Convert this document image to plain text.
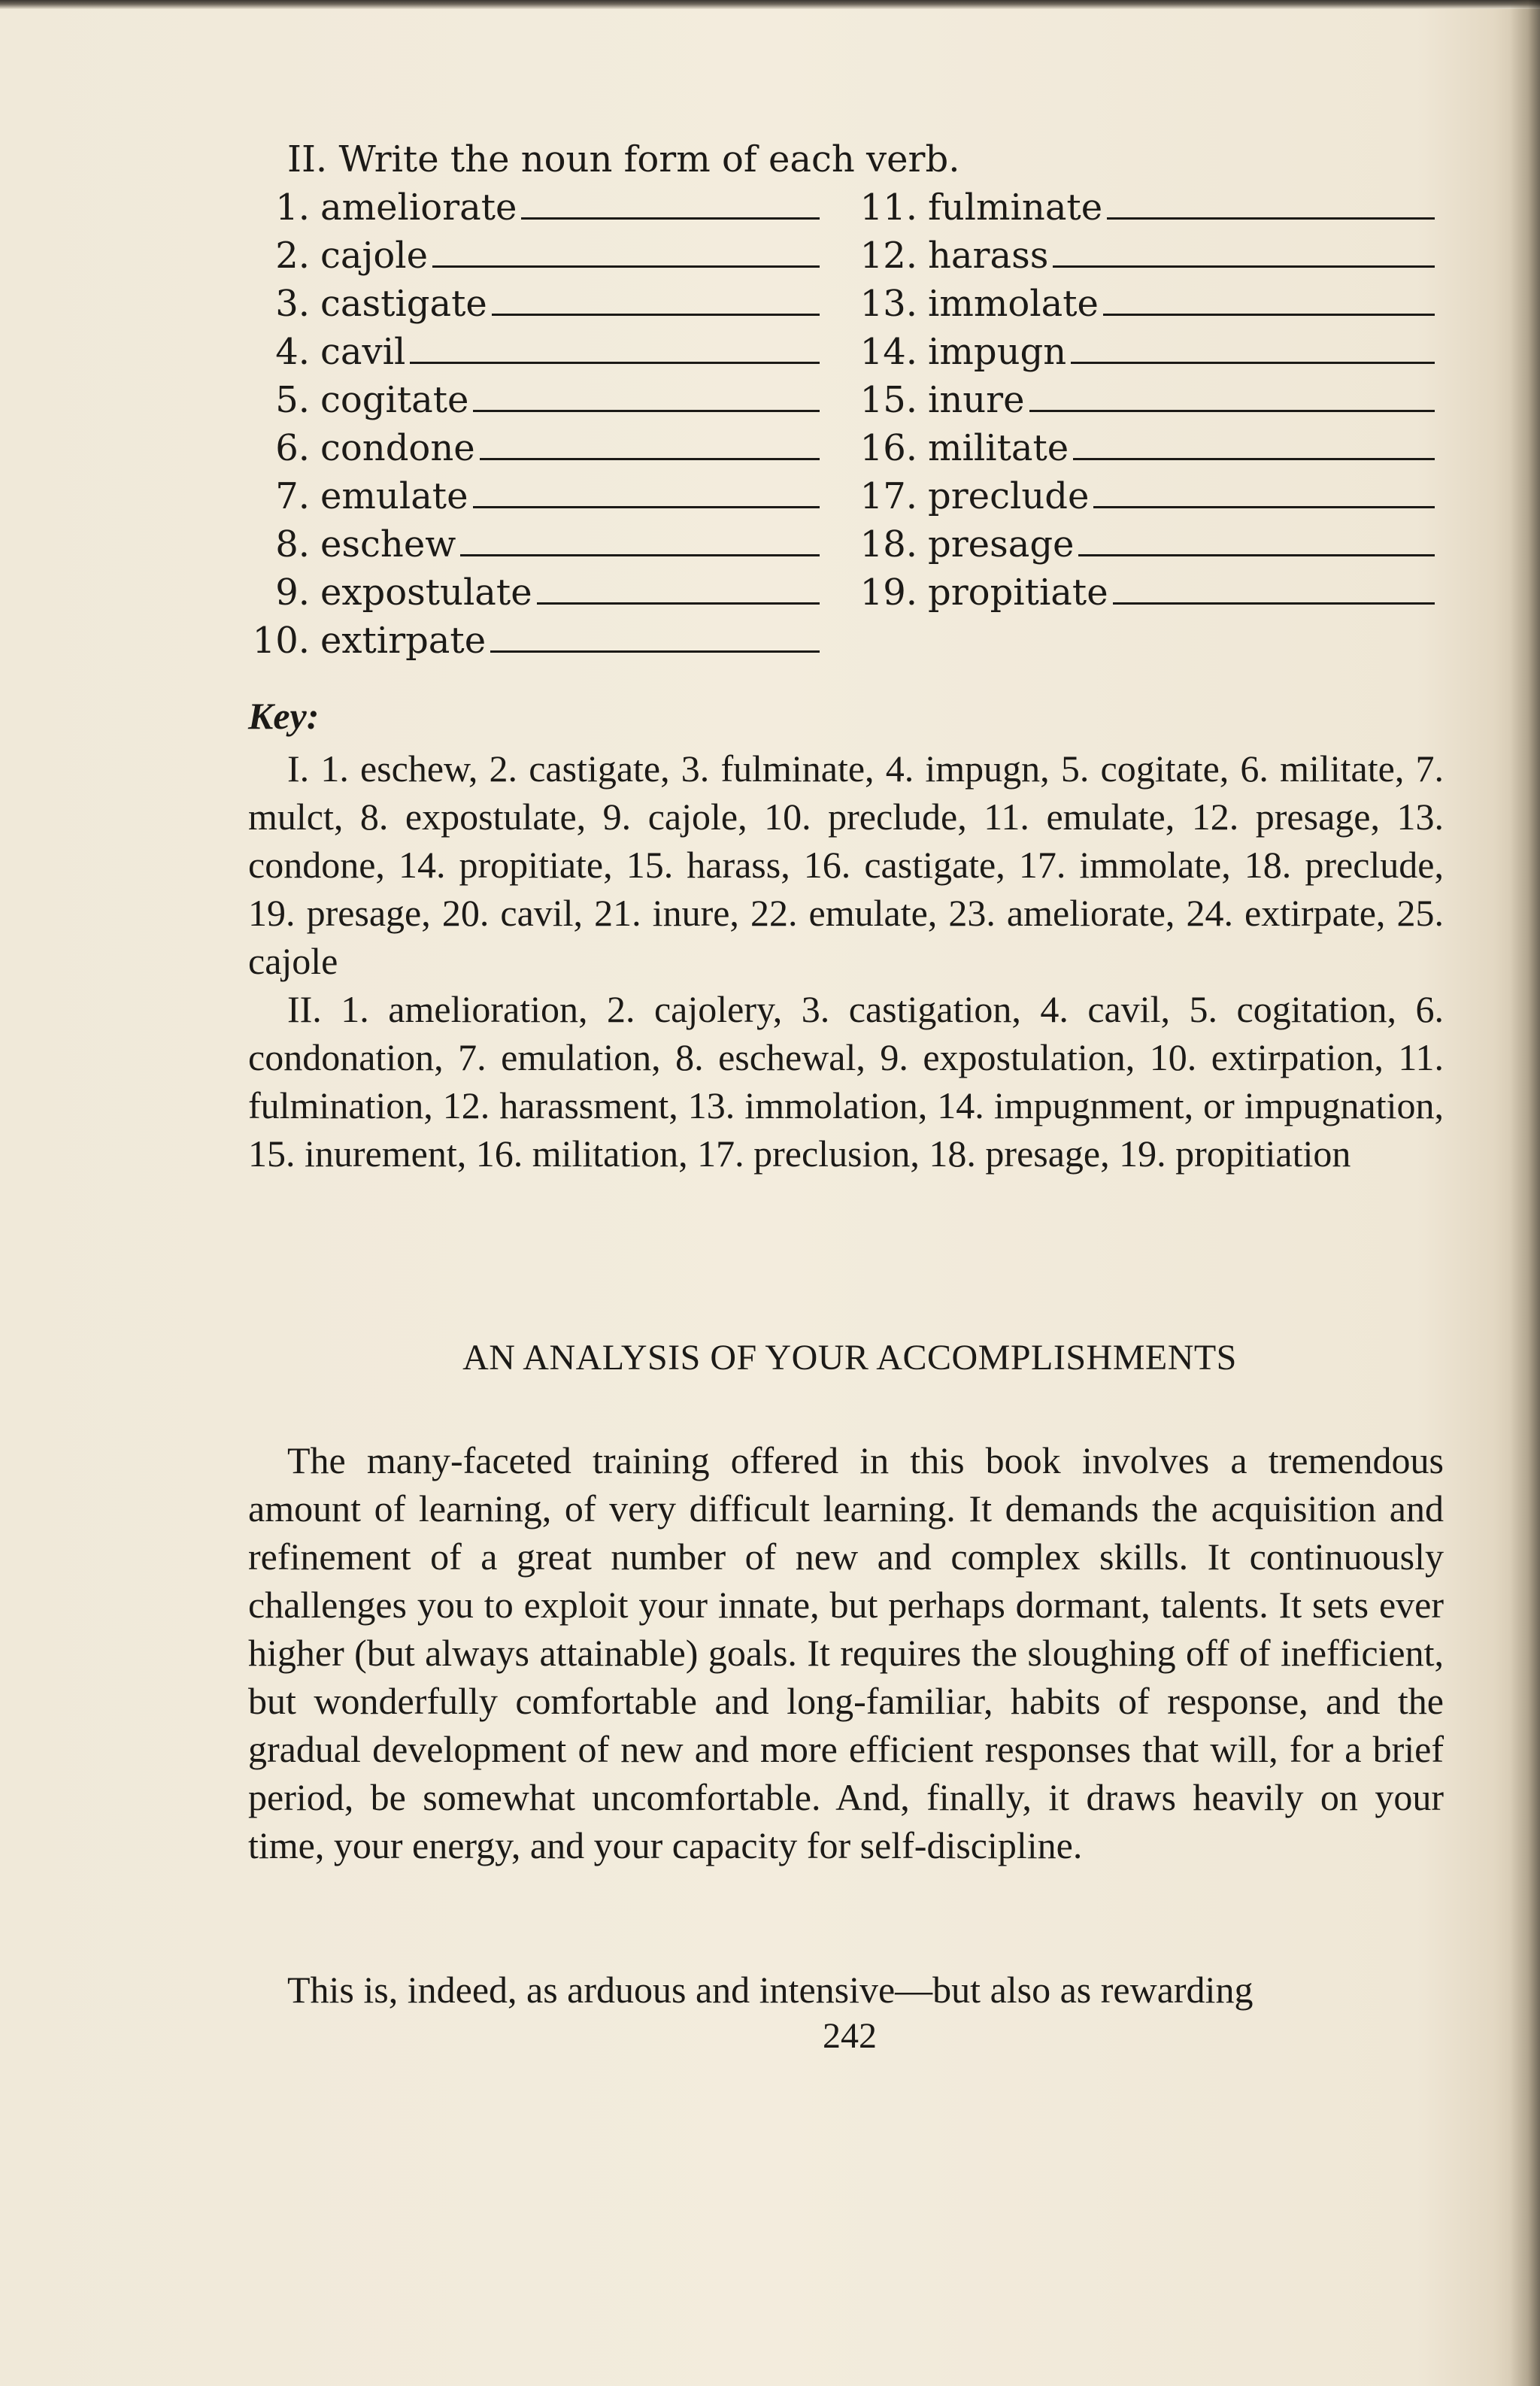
II. Write the noun form of each verb.
1. ameliorate
2. cajole
3. castigate
4. cavil
5. cogitate
6. condone
7. emulate
8. eschew
9. expostulate
10. extirpate
11. fulminate
12. harass
13. immolate
14. impugn
15. inure
16. militate
17. preclude
18. presage
19. propitiate
Key:

I. 1. eschew, 2. castigate, 3. fulminate, 4. impugn, 5. cogitate, 6. militate, 7. mulct, 8. expostulate, 9. cajole, 10. preclude, 11. emulate, 12. presage, 13. condone, 14. propitiate, 15. harass, 16. castigate, 17. immolate, 18. preclude, 19. presage, 20. cavil, 21. inure, 22. emulate, 23. ameliorate, 24. extirpate, 25. cajole

II. 1. amelioration, 2. cajolery, 3. castigation, 4. cavil, 5. cogitation, 6. condonation, 7. emulation, 8. eschewal, 9. expostulation, 10. extirpation, 11. fulmination, 12. harassment, 13. immolation, 14. impugnment, or impugnation, 15. inurement, 16. militation, 17. preclusion, 18. presage, 19. propitiation

AN ANALYSIS OF YOUR ACCOMPLISHMENTS

The many-faceted training offered in this book involves a tremendous amount of learning, of very difficult learning. It demands the acquisition and refinement of a great number of new and complex skills. It continuously challenges you to exploit your innate, but perhaps dormant, talents. It sets ever higher (but always attainable) goals. It requires the sloughing off of inefficient, but wonderfully comfortable and long-familiar, habits of response, and the gradual development of new and more efficient responses that will, for a brief period, be somewhat uncomfortable. And, finally, it draws heavily on your time, your energy, and your capacity for self-discipline.

This is, indeed, as arduous and intensive—but also as rewarding

242
